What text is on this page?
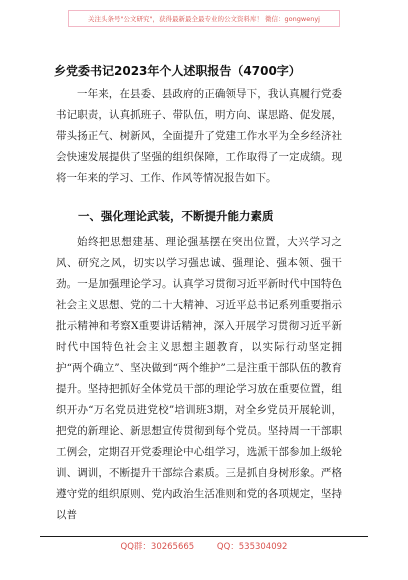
关注头条号"公文研究"，获得最新最全最专业的公文资料库！ 微信：gongwenyj
乡党委书记2023年个人述职报告（4700字）

一年来，在县委、县政府的正确领导下，我认真履行党委书记职责，认真抓班子、带队伍，明方向、谋思路、促发展，带头扬正气、树新风，全面提升了党建工作水平为全乡经济社会快速发展提供了坚强的组织保障，工作取得了一定成绩。现将一年来的学习、工作、作风等情况报告如下。

一、强化理论武装，不断提升能力素质

始终把思想建基、理论强基摆在突出位置，大兴学习之风、研究之风，切实以学习强忠诚、强理论、强本领、强干劲。一是加强理论学习。认真学习贯彻习近平新时代中国特色社会主义思想、党的二十大精神、习近平总书记系列重要指示批示精神和考察X重要讲话精神，深入开展学习贯彻习近平新时代中国特色社会主义思想主题教育，以实际行动坚定拥护“两个确立”、坚决做到“两个维护”二是注重干部队伍的教育提升。坚持把抓好全体党员干部的理论学习放在重要位置，组织开办“万名党员进党校”培训班3期，对全乡党员开展轮训，把党的新理论、新思想宣传贯彻到每个党员。坚持周一干部职工例会，定期召开党委理论中心组学习，选派干部参加上级轮训、调训，不断提升干部综合素质。三是抓自身树形象。严格遵守党的组织原则、党内政治生活准则和党的各项规定，坚持以普

QQ群：30265665	QQ：535304092
